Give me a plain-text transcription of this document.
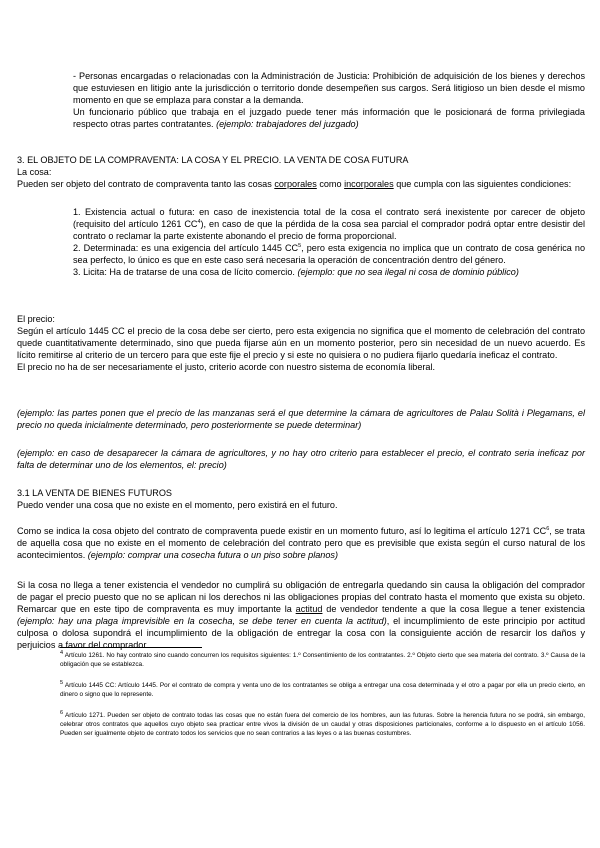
- Personas encargadas o relacionadas con la Administración de Justicia: Prohibición de adquisición de los bienes y derechos que estuviesen en litigio ante la jurisdicción o territorio donde desempeñen sus cargos. Será litigioso un bien desde el mismo momento en que se emplaza para constar a la demanda.

Un funcionario público que trabaja en el juzgado puede tener más información que le posicionará de forma privilegiada respecto otras partes contratantes. (ejemplo: trabajadores del juzgado)

3. EL OBJETO DE LA COMPRAVENTA: LA COSA Y EL PRECIO. LA VENTA DE COSA FUTURA

La cosa:

Pueden ser objeto del contrato de compraventa tanto las cosas corporales como incorporales que cumpla con las siguientes condiciones:

1. Existencia actual o futura: en caso de inexistencia total de la cosa el contrato será inexistente por carecer de objeto (requisito del artículo 1261 $CC^4$), en caso de que la pérdida de la cosa sea parcial el comprador podrá optar entre desistir del contrato o reclamar la parte existente abonando el precio de forma proporcional.

2. Determinada: es una exigencia del artículo 1445 $CC^5$, pero esta exigencia no implica que un contrato de cosa genérica no sea perfecto, lo único es que en este caso será necesaria la operación de concentración dentro del género.

3. Licita: Ha de tratarse de una cosa de lícito comercio. (ejemplo: que no sea ilegal ni cosa de dominio público)

El precio:

Según el artículo 1445 CC el precio de la cosa debe ser cierto, pero esta exigencia no significa que el momento de celebración del contrato quede cuantitativamente determinado, sino que pueda fijarse aún en un momento posterior, pero sin necesidad de un nuevo acuerdo. Es lícito remitirse al criterio de un tercero para que este fije el precio y si este no quisiera o no pudiera fijarlo quedaría ineficaz el contrato.

El precio no ha de ser necesariamente el justo, criterio acorde con nuestro sistema de economía liberal.

(ejemplo: las partes ponen que el precio de las manzanas será el que determine la cámara de agricultores de Palau Solità i Plegamans, el precio no queda inicialmente determinado, pero posteriormente se puede determinar)
(ejemplo: en caso de desaparecer la cámara de agricultores, y no hay otro criterio para establecer el precio, el contrato seria ineficaz por falta de determinar uno de los elementos, el: precio)

3.1 LA VENTA DE BIENES FUTUROS

Puedo vender una cosa que no existe en el momento, pero existirá en el futuro.

Como se indica la cosa objeto del contrato de compraventa puede existir en un momento futuro, así lo legitima el artículo 1271 $CC^6$, se trata de aquella cosa que no existe en el momento de celebración del contrato pero que es previsible que exista según el curso natural de los acontecimientos. (ejemplo: comprar una cosecha futura o un piso sobre planos)

Si la cosa no llega a tener existencia el vendedor no cumplirá su obligación de entregarla quedando sin causa la obligación del comprador de pagar el precio puesto que no se aplican ni los derechos ni las obligaciones propias del contrato hasta el momento que exista su objeto. Remarcar que en este tipo de compraventa es muy importante la actitud de vendedor tendente a que la cosa llegue a tener existencia (ejemplo: hay una plaga imprevisible en la cosecha, se debe tener en cuenta la actitud), el incumplimiento de este principio por actitud culposa o dolosa supondrá el incumplimiento de la obligación de entregar la cosa con la consiguiente acción de resarcir los daños y perjuicios a favor del comprador.

$^4$ Artículo 1261. No hay contrato sino cuando concurren los requisitos siguientes: 1.º Consentimiento de los contratantes. 2.º Objeto cierto que sea materia del contrato. 3.º Causa de la obligación que se establezca.
$^5$ Artículo 1445 CC: Artículo 1445. Por el contrato de compra y venta uno de los contratantes se obliga a entregar una cosa determinada y el otro a pagar por ella un precio cierto, en dinero o signo que lo represente.
$^6$ Artículo 1271. Pueden ser objeto de contrato todas las cosas que no están fuera del comercio de los hombres, aun las futuras. Sobre la herencia futura no se podrá, sin embargo, celebrar otros contratos que aquellos cuyo objeto sea practicar entre vivos la división de un caudal y otras disposiciones particionales, conforme a lo dispuesto en el artículo 1056. Pueden ser igualmente objeto de contrato todos los servicios que no sean contrarios a las leyes o a las buenas costumbres.
